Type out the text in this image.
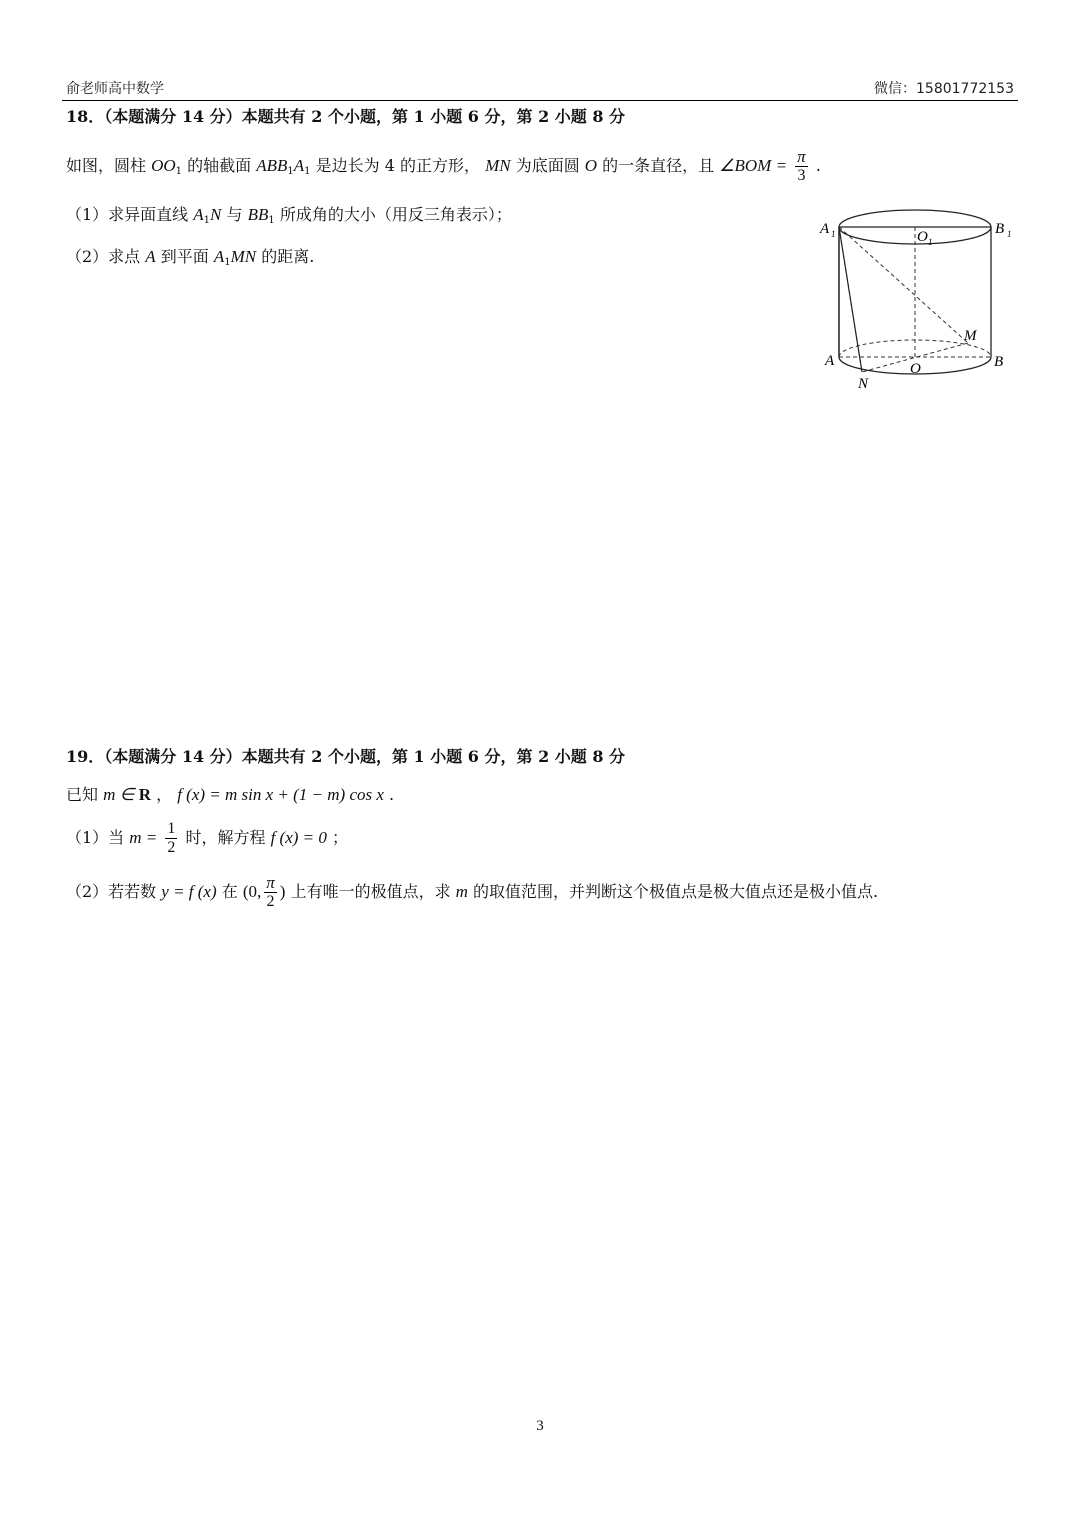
俞老师高中数学	微信：15801772153
18．（本题满分 14 分）本题共有 2 个小题，第 1 小题 6 分，第 2 小题 8 分
如图，圆柱 $OO_1$ 的轴截面 $ABB_1A_1$ 是边长为 4 的正方形， MN 为底面圆 O 的一条直径，且 ∠BOM = $\frac{\pi}{3}$ .
（1）求异面直线 $A_1N$ 与 $BB_1$ 所成角的大小（用反三角表示）；
（2）求点 A 到平面 $A_1MN$ 的距离.
A 1	O 1
B 1
M
A	O	B
N
19．（本题满分 14 分）本题共有 2 个小题，第 1 小题 6 分，第 2 小题 8 分
已知 m ∈ R ， f (x) = m sin x + (1 − m) cos x .
（1）当 $m = \frac{1}{2}$ 时，解方程 f (x) = 0 ；
（2）若若数 y = f (x) 在 (0, $\frac{\pi}{2}$ ) 上有唯一的极值点，求 m 的取值范围，并判断这个极值点是极大值点还是极小值点.
3
